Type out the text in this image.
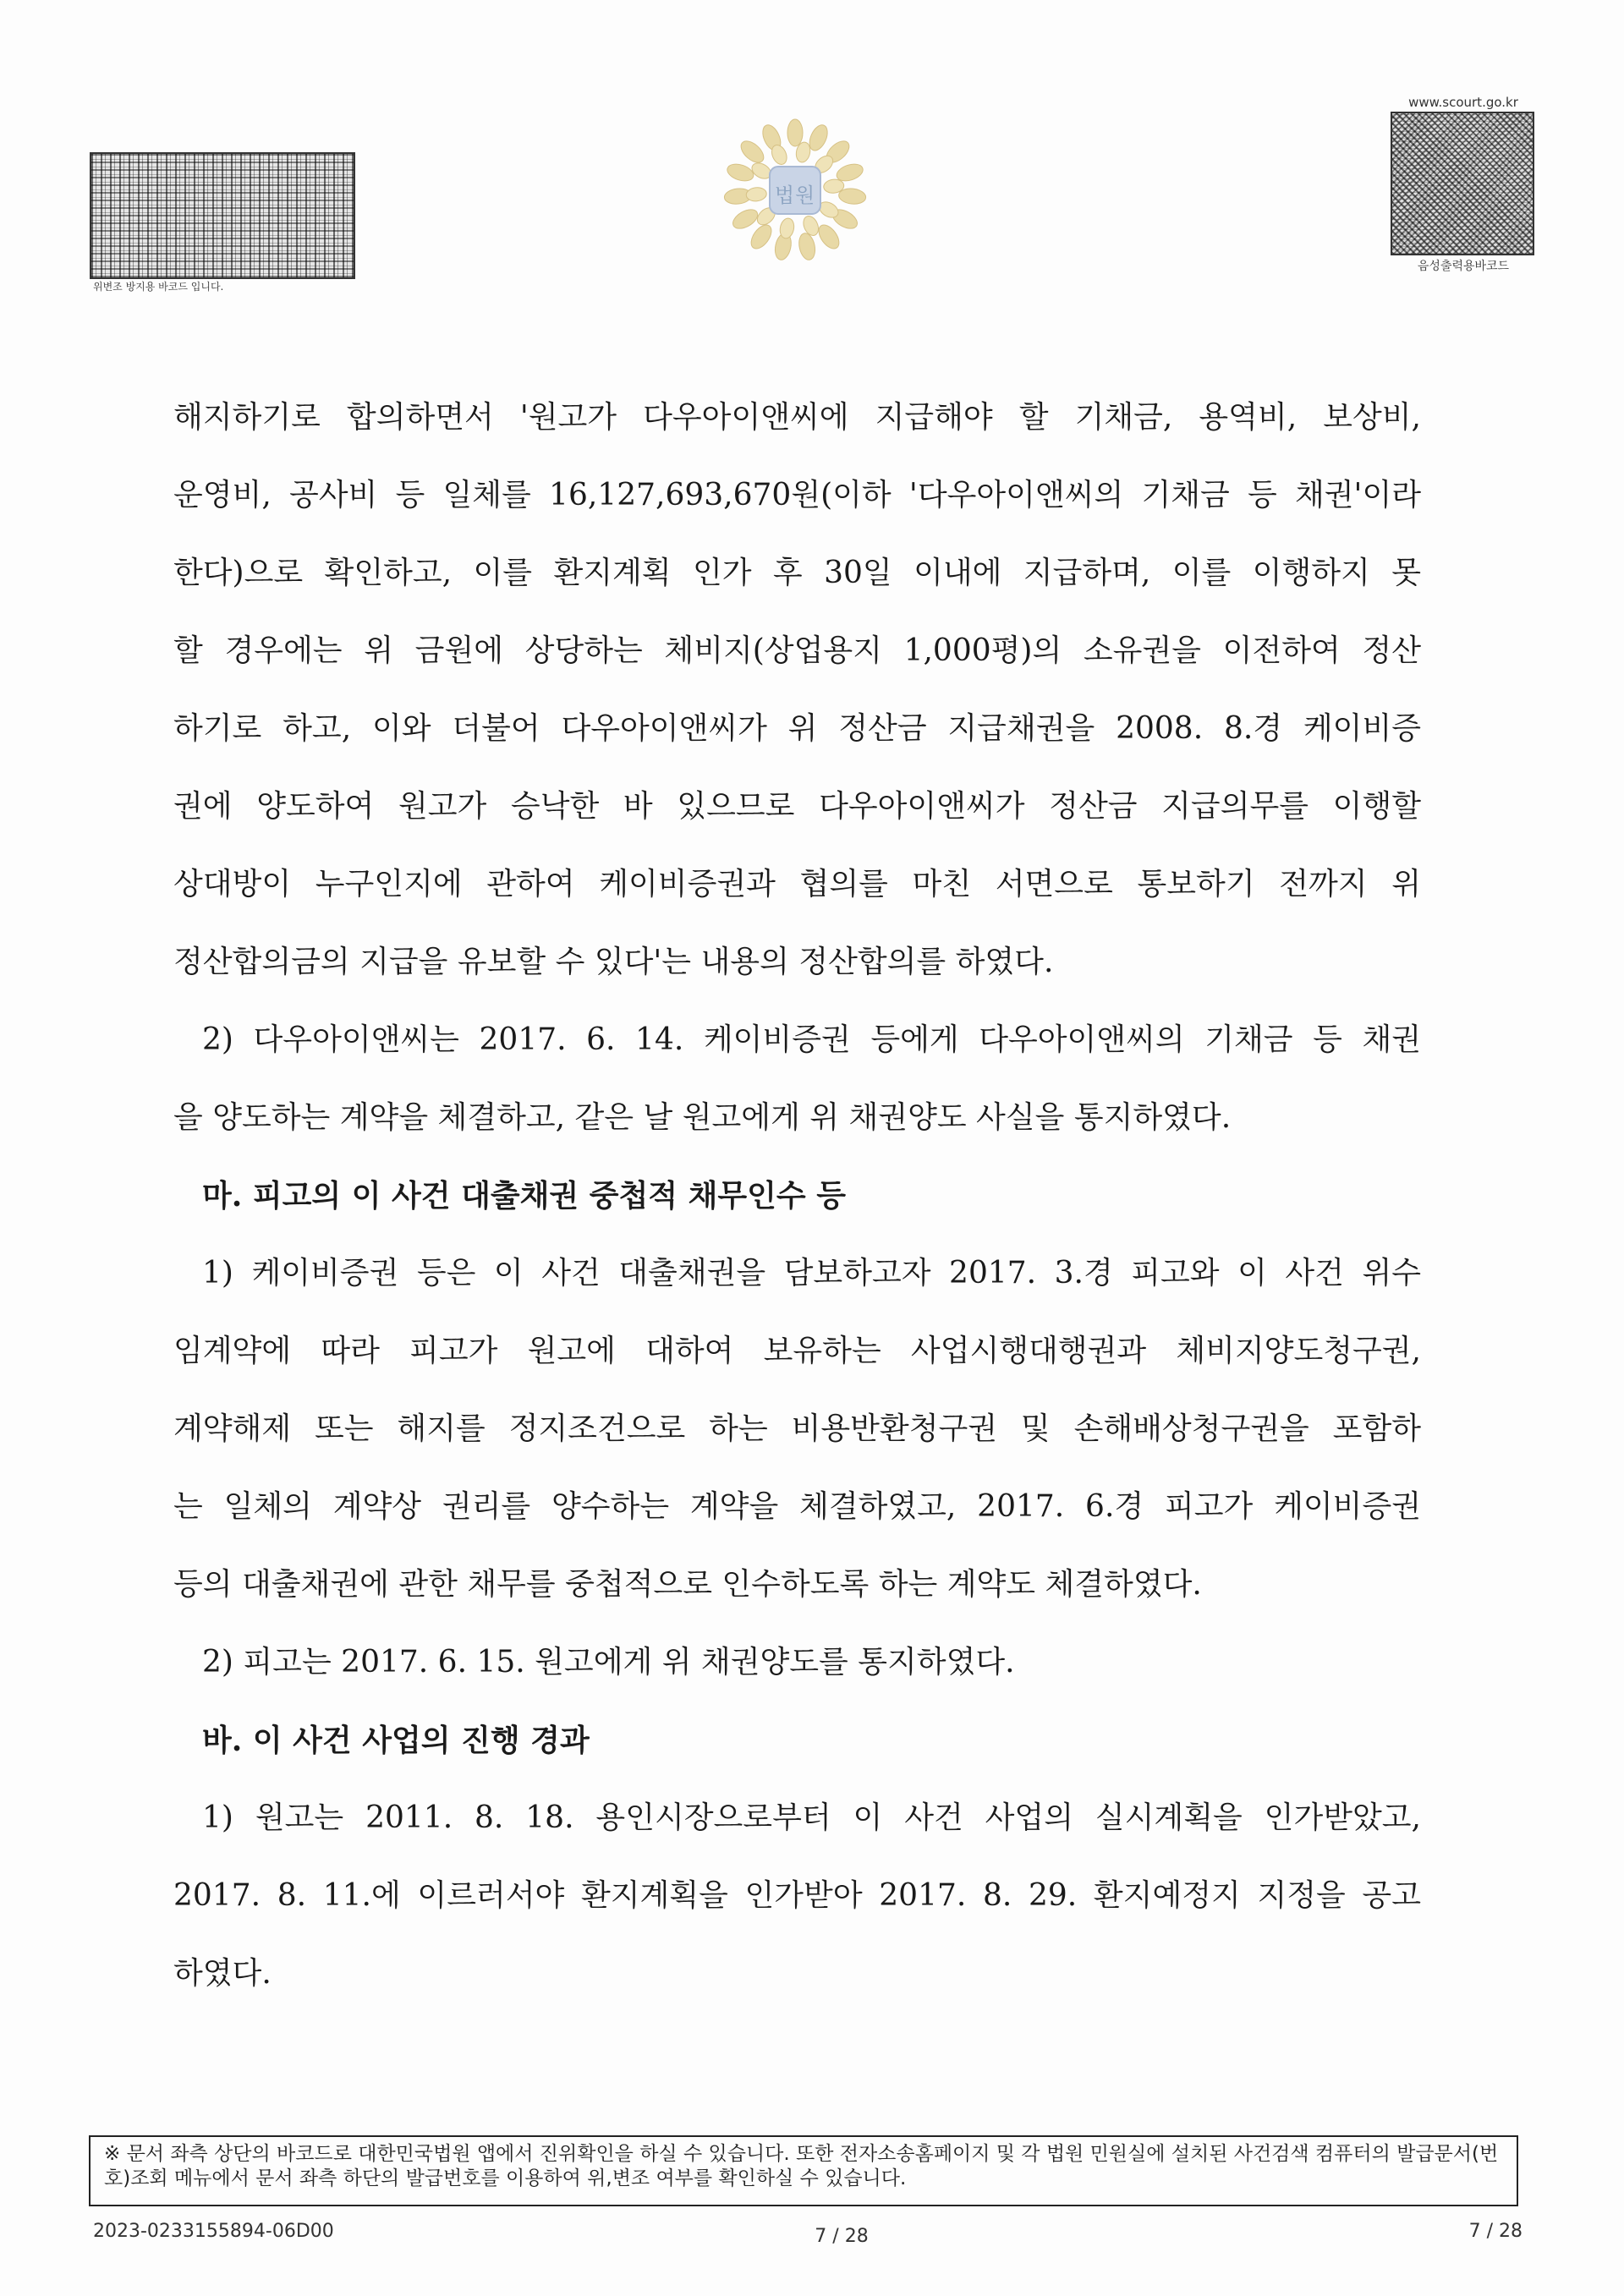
위변조 방지용 바코드 입니다.
법원
www.scourt.go.kr
음성출력용바코드
해지하기로 합의하면서 '원고가 다우아이앤씨에 지급해야 할 기채금, 용역비, 보상비,
운영비, 공사비 등 일체를 16,127,693,670원(이하 '다우아이앤씨의 기채금 등 채권'이라
한다)으로 확인하고, 이를 환지계획 인가 후 30일 이내에 지급하며, 이를 이행하지 못
할 경우에는 위 금원에 상당하는 체비지(상업용지 1,000평)의 소유권을 이전하여 정산
하기로 하고, 이와 더불어 다우아이앤씨가 위 정산금 지급채권을 2008. 8.경 케이비증
권에 양도하여 원고가 승낙한 바 있으므로 다우아이앤씨가 정산금 지급의무를 이행할
상대방이 누구인지에 관하여 케이비증권과 협의를 마친 서면으로 통보하기 전까지 위
정산합의금의 지급을 유보할 수 있다'는 내용의 정산합의를 하였다.
2) 다우아이앤씨는 2017. 6. 14. 케이비증권 등에게 다우아이앤씨의 기채금 등 채권
을 양도하는 계약을 체결하고, 같은 날 원고에게 위 채권양도 사실을 통지하였다.
마. 피고의 이 사건 대출채권 중첩적 채무인수 등
1) 케이비증권 등은 이 사건 대출채권을 담보하고자 2017. 3.경 피고와 이 사건 위수
임계약에 따라 피고가 원고에 대하여 보유하는 사업시행대행권과 체비지양도청구권,
계약해제 또는 해지를 정지조건으로 하는 비용반환청구권 및 손해배상청구권을 포함하
는 일체의 계약상 권리를 양수하는 계약을 체결하였고, 2017. 6.경 피고가 케이비증권
등의 대출채권에 관한 채무를 중첩적으로 인수하도록 하는 계약도 체결하였다.
2) 피고는 2017. 6. 15. 원고에게 위 채권양도를 통지하였다.
바. 이 사건 사업의 진행 경과
1) 원고는 2011. 8. 18. 용인시장으로부터 이 사건 사업의 실시계획을 인가받았고,
2017. 8. 11.에 이르러서야 환지계획을 인가받아 2017. 8. 29. 환지예정지 지정을 공고
하였다.
※ 문서 좌측 상단의 바코드로 대한민국법원 앱에서 진위확인을 하실 수 있습니다. 또한 전자소송홈페이지 및 각 법원 민원실에 설치된 사건검색 컴퓨터의 발급문서(번호)조회 메뉴에서 문서 좌측 하단의 발급번호를 이용하여 위,변조 여부를 확인하실 수 있습니다.
2023-0233155894-06D00	7 / 28	7 / 28
